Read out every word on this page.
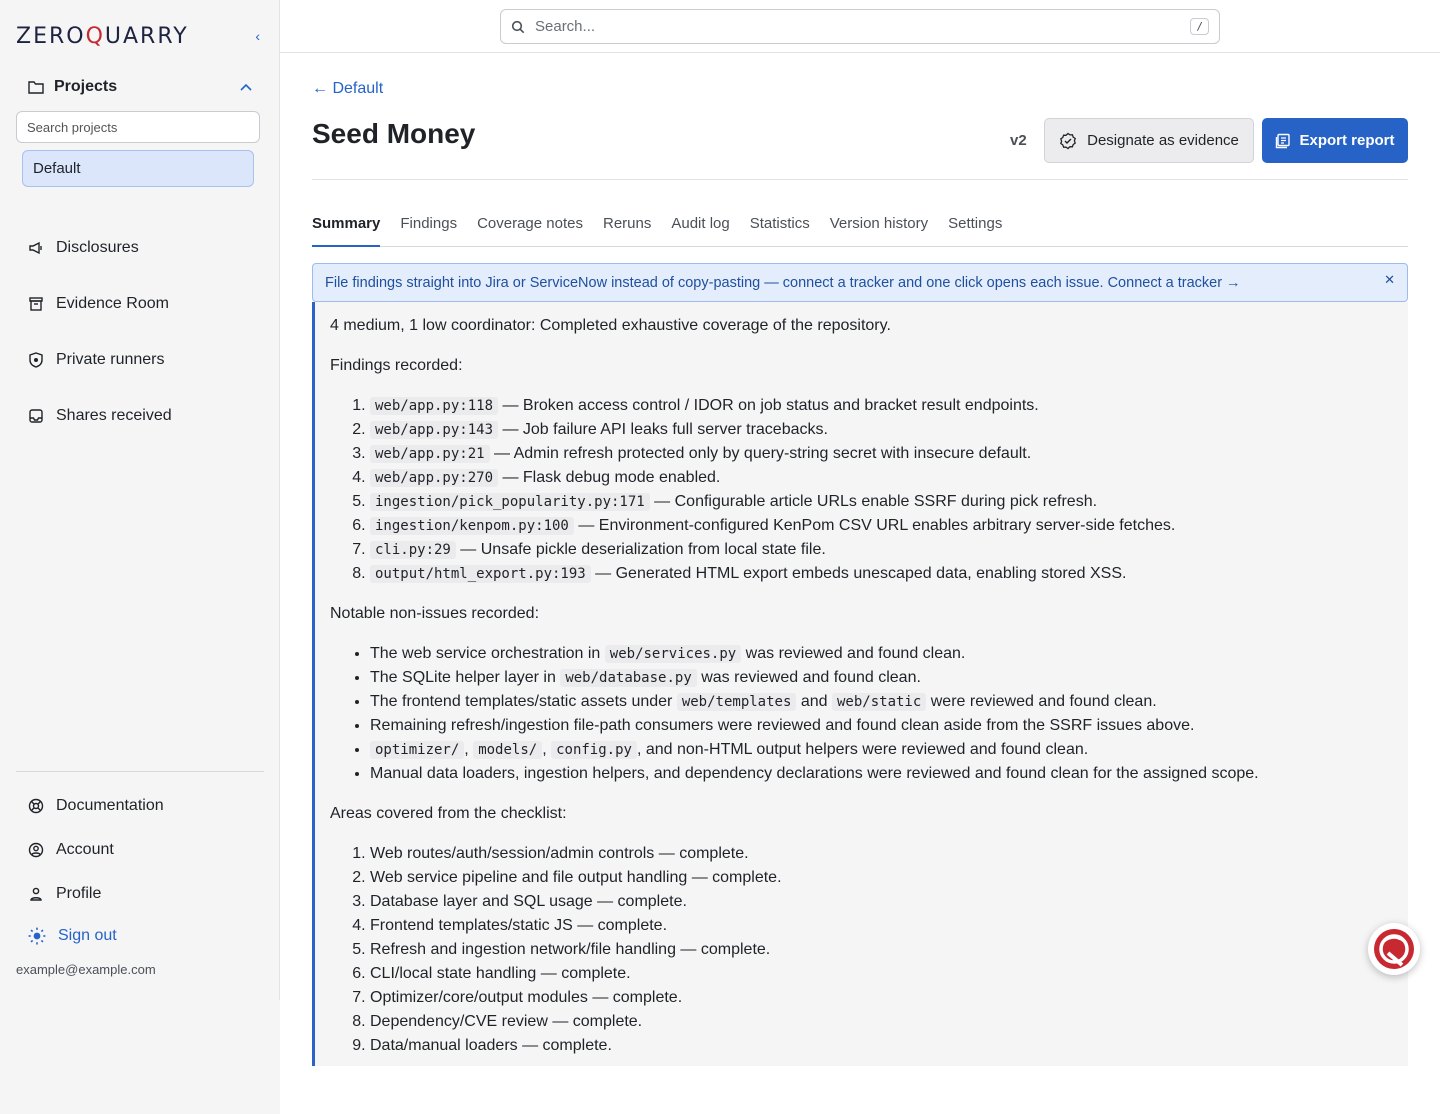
ZEROQUARRY	‹
Projects
Search projects
Default
Disclosures
Evidence Room
Private runners
Shares received
Documentation
Account
Profile
Sign out
example@example.com
Search...
/
← Default
Seed Money	v2	Designate as evidence	Export report
Summary Findings Coverage notes Reruns Audit log Statistics Version history Settings
File findings straight into Jira or ServiceNow instead of copy-pasting — connect a tracker and one click opens each issue. Connect a tracker →	✕

4 medium, 1 low coordinator: Completed exhaustive coverage of the repository.

Findings recorded:

1. web/app.py:118 — Broken access control / IDOR on job status and bracket result endpoints.
2. web/app.py:143 — Job failure API leaks full server tracebacks.
3. web/app.py:21 — Admin refresh protected only by query-string secret with insecure default.
4. web/app.py:270 — Flask debug mode enabled.
5. ingestion/pick_popularity.py:171 — Configurable article URLs enable SSRF during pick refresh.
6. ingestion/kenpom.py:100 — Environment-configured KenPom CSV URL enables arbitrary server-side fetches.
7. cli.py:29 — Unsafe pickle deserialization from local state file.
8. output/html_export.py:193 — Generated HTML export embeds unescaped data, enabling stored XSS.

Notable non-issues recorded:

• The web service orchestration in web/services.py was reviewed and found clean.
• The SQLite helper layer in web/database.py was reviewed and found clean.
• The frontend templates/static assets under web/templates and web/static were reviewed and found clean.
• Remaining refresh/ingestion file-path consumers were reviewed and found clean aside from the SSRF issues above.
• optimizer/ , models/ , config.py , and non-HTML output helpers were reviewed and found clean.
• Manual data loaders, ingestion helpers, and dependency declarations were reviewed and found clean for the assigned scope.

Areas covered from the checklist:

1. Web routes/auth/session/admin controls — complete.
2. Web service pipeline and file output handling — complete.
3. Database layer and SQL usage — complete.
4. Frontend templates/static JS — complete.
5. Refresh and ingestion network/file handling — complete.
6. CLI/local state handling — complete.
7. Optimizer/core/output modules — complete.
8. Dependency/CVE review — complete.
9. Data/manual loaders — complete.
